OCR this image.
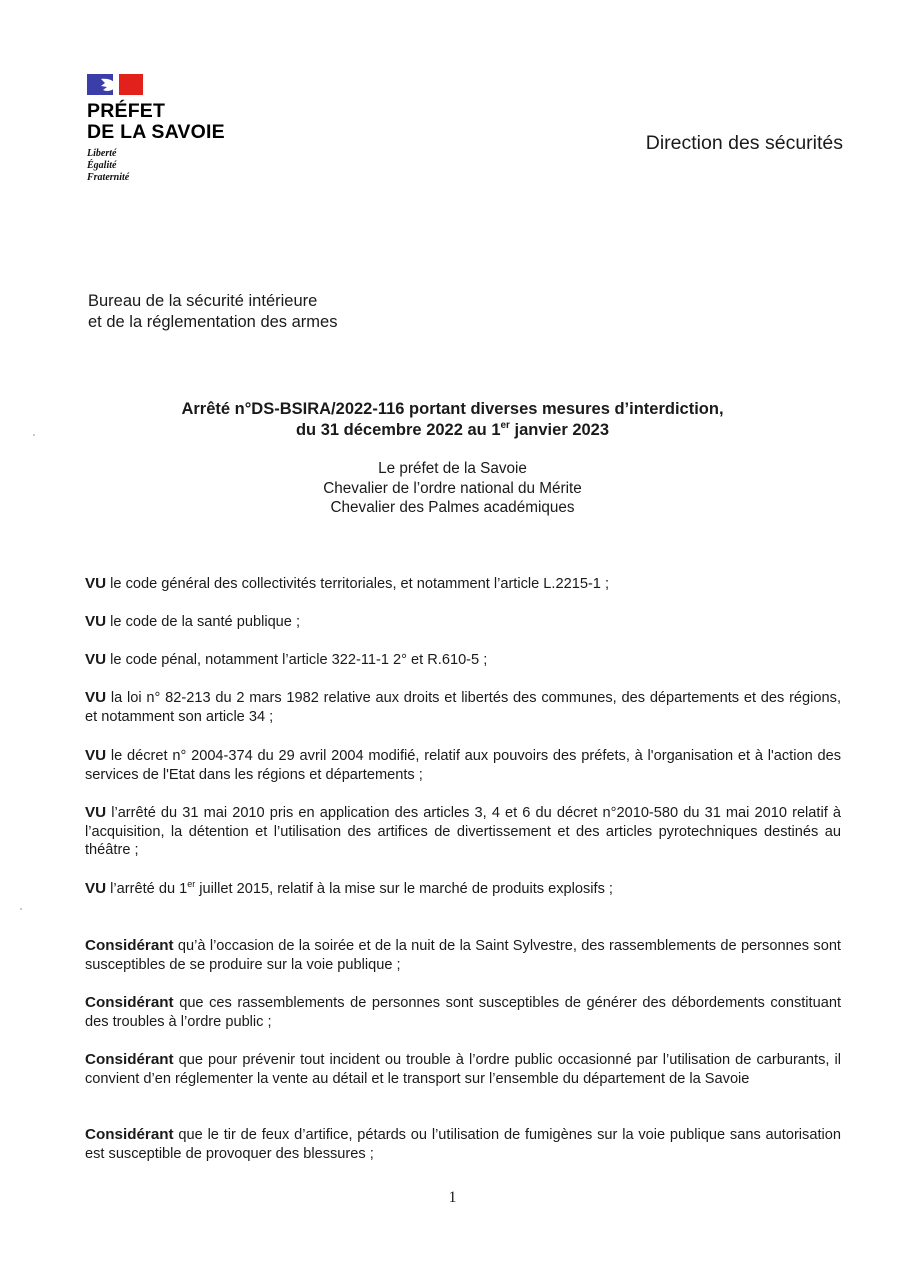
PRÉFET
DE LA SAVOIE
Liberté
Égalité
Fraternité
Direction des sécurités
Bureau de la sécurité intérieure
et de la réglementation des armes
Arrêté n°DS-BSIRA/2022-116 portant diverses mesures d’interdiction,
du 31 décembre 2022 au 1er janvier 2023
Le préfet de la Savoie
Chevalier de l’ordre national du Mérite
Chevalier des Palmes académiques
VU le code général des collectivités territoriales, et notamment l’article L.2215-1 ;
VU le code de la santé publique ;
VU le code pénal, notamment l’article 322-11-1 2° et R.610-5 ;
VU la loi n° 82-213 du 2 mars 1982 relative aux droits et libertés des communes, des départements et des régions, et notamment son article 34 ;
VU le décret n° 2004-374 du 29 avril 2004 modifié, relatif aux pouvoirs des préfets, à l'organisation et à l'action des services de l'Etat dans les régions et départements ;
VU l’arrêté du 31 mai 2010 pris en application des articles 3, 4 et 6 du décret n°2010-580 du 31 mai 2010 relatif à l’acquisition, la détention et l’utilisation des artifices de divertissement et des articles pyrotechniques destinés au théâtre ;
VU l’arrêté du 1er juillet 2015, relatif à la mise sur le marché de produits explosifs ;
Considérant qu’à l’occasion de la soirée et de la nuit de la Saint Sylvestre, des rassemblements de personnes sont susceptibles de se produire sur la voie publique ;
Considérant que ces rassemblements de personnes sont susceptibles de générer des débordements constituant des troubles à l’ordre public ;
Considérant que pour prévenir tout incident ou trouble à l’ordre public occasionné par l’utilisation de carburants, il convient d’en réglementer la vente au détail et le transport sur l’ensemble du département de la Savoie
Considérant que le tir de feux d’artifice, pétards ou l’utilisation de fumigènes sur la voie publique sans autorisation est susceptible de provoquer des blessures ;
1
